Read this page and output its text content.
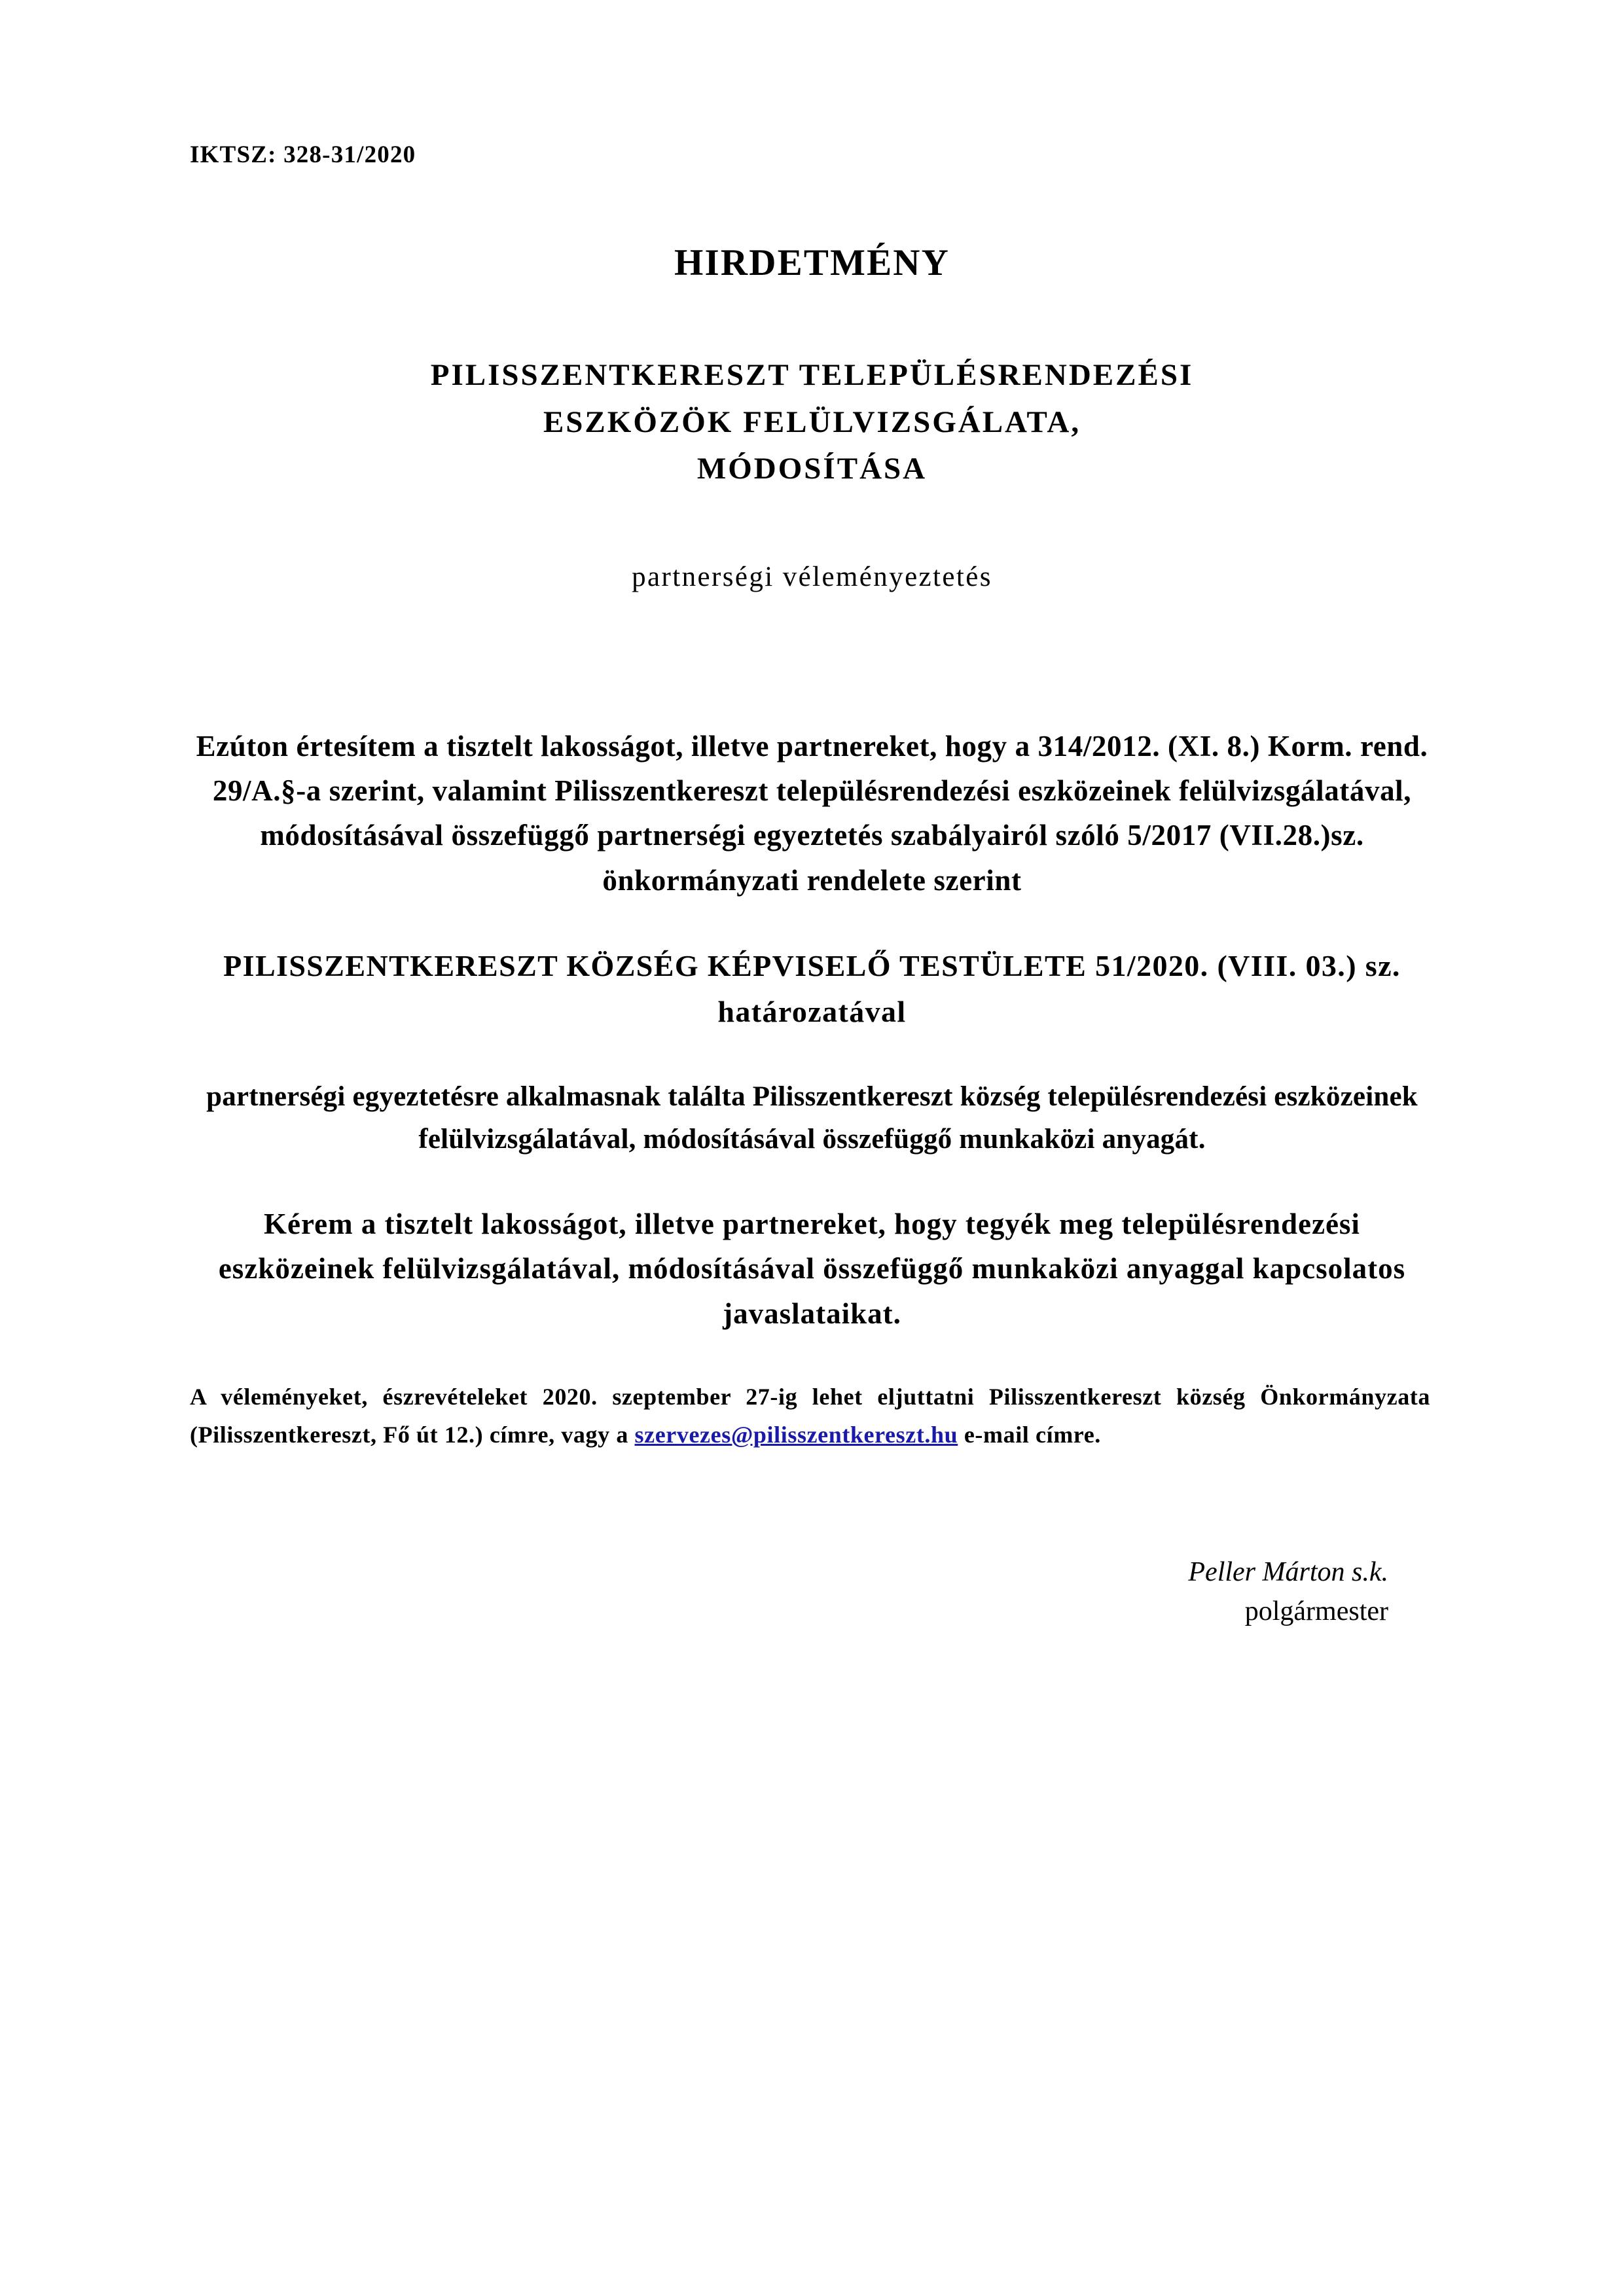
IKTSZ: 328-31/2020
HIRDETMÉNY
PILISSZENTKERESZT TELEPÜLÉSRENDEZÉSI
ESZKÖZÖK FELÜLVIZSGÁLATA,
MÓDOSÍTÁSA
partnerségi véleményeztetés
Ezúton értesítem a tisztelt lakosságot, illetve partnereket, hogy a 314/2012. (XI. 8.) Korm. rend. 29/A.§-a szerint, valamint Pilisszentkereszt településrendezési eszközeinek felülvizsgálatával, módosításával összefüggő partnerségi egyeztetés szabályairól szóló 5/2017 (VII.28.)sz. önkormányzati rendelete szerint
PILISSZENTKERESZT KÖZSÉG KÉPVISELŐ TESTÜLETE 51/2020. (VIII. 03.) sz. határozatával
partnerségi egyeztetésre alkalmasnak találta Pilisszentkereszt község településrendezési eszközeinek felülvizsgálatával, módosításával összefüggő munkaközi anyagát.
Kérem a tisztelt lakosságot, illetve partnereket, hogy tegyék meg településrendezési eszközeinek felülvizsgálatával, módosításával összefüggő munkaközi anyaggal kapcsolatos javaslataikat.
A véleményeket, észrevételeket 2020. szeptember 27-ig lehet eljuttatni Pilisszentkereszt község Önkormányzata (Pilisszentkereszt, Fő út 12.) címre, vagy a szervezes@pilisszentkereszt.hu e-mail címre.
Peller Márton s.k.
polgármester
